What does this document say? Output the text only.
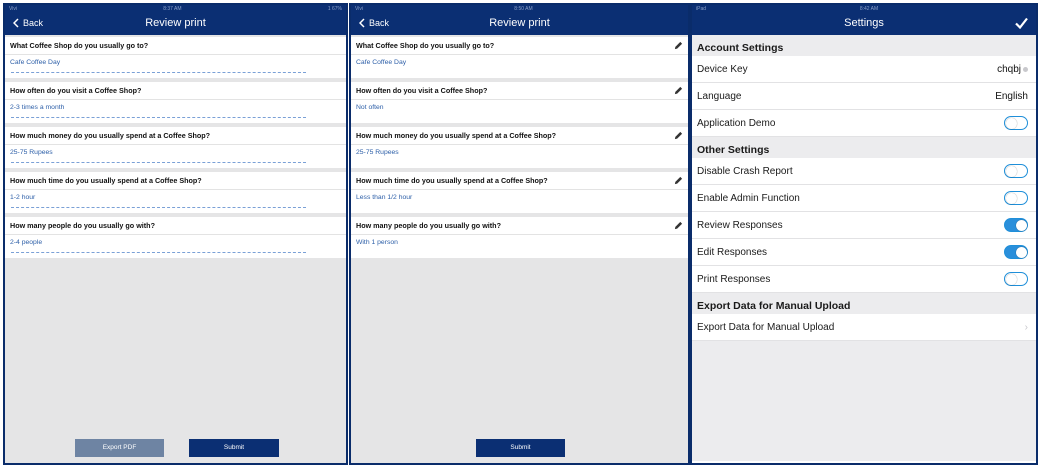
Vivi	8:37 AM	1 67%
Back	Review print
What Coffee Shop do you usually go to?
Cafe Coffee Day
How often do you visit a Coffee Shop?
2-3 times a month
How much money do you usually spend at a Coffee Shop?
25-75 Rupees
How much time do you usually spend at a Coffee Shop?
1-2 hour
How many people do you usually go with?
2-4 people
Export PDF	Submit
Vivi	8:50 AM
Back	Review print
What Coffee Shop do you usually go to?
Cafe Coffee Day
How often do you visit a Coffee Shop?
Not often
How much money do you usually spend at a Coffee Shop?
25-75 Rupees
How much time do you usually spend at a Coffee Shop?
Less than 1/2 hour
How many people do you usually go with?
With 1 person
Submit
iPad	8:42 AM
Settings
Account Settings
Device Key	chqbj
Language	English
Application Demo
Other Settings
Disable Crash Report
Enable Admin Function
Review Responses
Edit Responses
Print Responses
Export Data for Manual Upload
Export Data for Manual Upload	›
